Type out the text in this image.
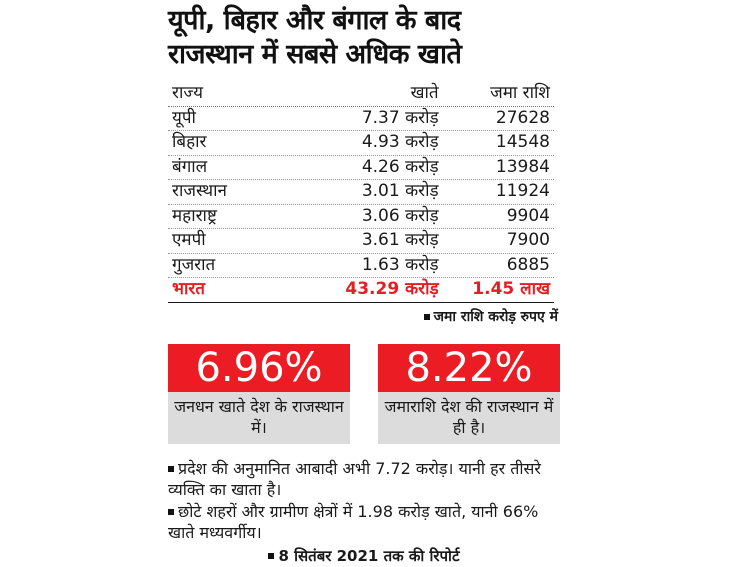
यूपी, बिहार और बंगाल के बाद
राजस्थान में सबसे अधिक खाते
राज्य	खाते	जमा राशि
यूपी	7.37 करोड़	27628
बिहार	4.93 करोड़	14548
बंगाल	4.26 करोड़	13984
राजस्थान	3.01 करोड़	11924
महाराष्ट्र	3.06 करोड़	9904
एमपी	3.61 करोड़	7900
गुजरात	1.63 करोड़	6885
भारत	43.29 करोड़	1.45 लाख
जमा राशि करोड़ रुपए में
6.96%
जनधन खाते देश के राजस्थान में।
8.22%
जमाराशि देश की राजस्थान में ही है।

प्रदेश की अनुमानित आबादी अभी 7.72 करोड़। यानी हर तीसरे व्यक्ति का खाता है।

छोटे शहरों और ग्रामीण क्षेत्रों में 1.98 करोड़ खाते, यानी 66% खाते मध्यवर्गीय।

8 सितंबर 2021 तक की रिपोर्ट
